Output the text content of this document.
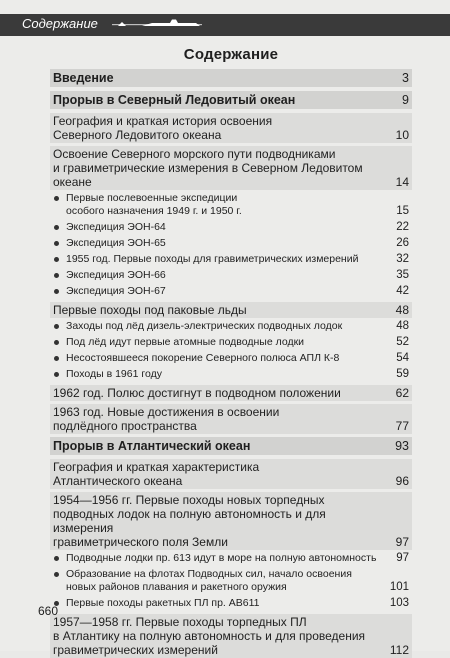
Содержание
Содержание
Введение	3
Прорыв в Северный Ледовитый океан	9
География и краткая история освоения
Северного Ледовитого океана	10
Освоение Северного морского пути подводниками
и гравиметрические измерения в Северном Ледовитом океане	14
Первые послевоенные экспедиции
особого назначения 1949 г. и 1950 г.	15
Экспедиция ЭОН-64	22
Экспедиция ЭОН-65	26
1955 год. Первые походы для гравиметрических измерений	32
Экспедиция ЭОН-66	35
Экспедиция ЭОН-67	42
Первые походы под паковые льды	48
Заходы под лёд дизель-электрических подводных лодок	48
Под лёд идут первые атомные подводные лодки	52
Несостоявшееся покорение Северного полюса АПЛ К-8	54
Походы в 1961 году	59
1962 год. Полюс достигнут в подводном положении	62
1963 год. Новые достижения в освоении
подлёдного пространства	77
Прорыв в Атлантический океан	93
География и краткая характеристика
Атлантического океана	96
1954—1956 гг. Первые походы новых торпедных
подводных лодок на полную автономность и для измерения
гравиметрического поля Земли	97
Подводные лодки пр. 613 идут в море на полную автономность	97
Образование на флотах Подводных сил, начало освоения
новых районов плавания и ракетного оружия	101
Первые походы ракетных ПЛ пр. АВ611	103
1957—1958 гг. Первые походы торпедных ПЛ
в Атлантику на полную автономность и для проведения
гравиметрических измерений	112
660
